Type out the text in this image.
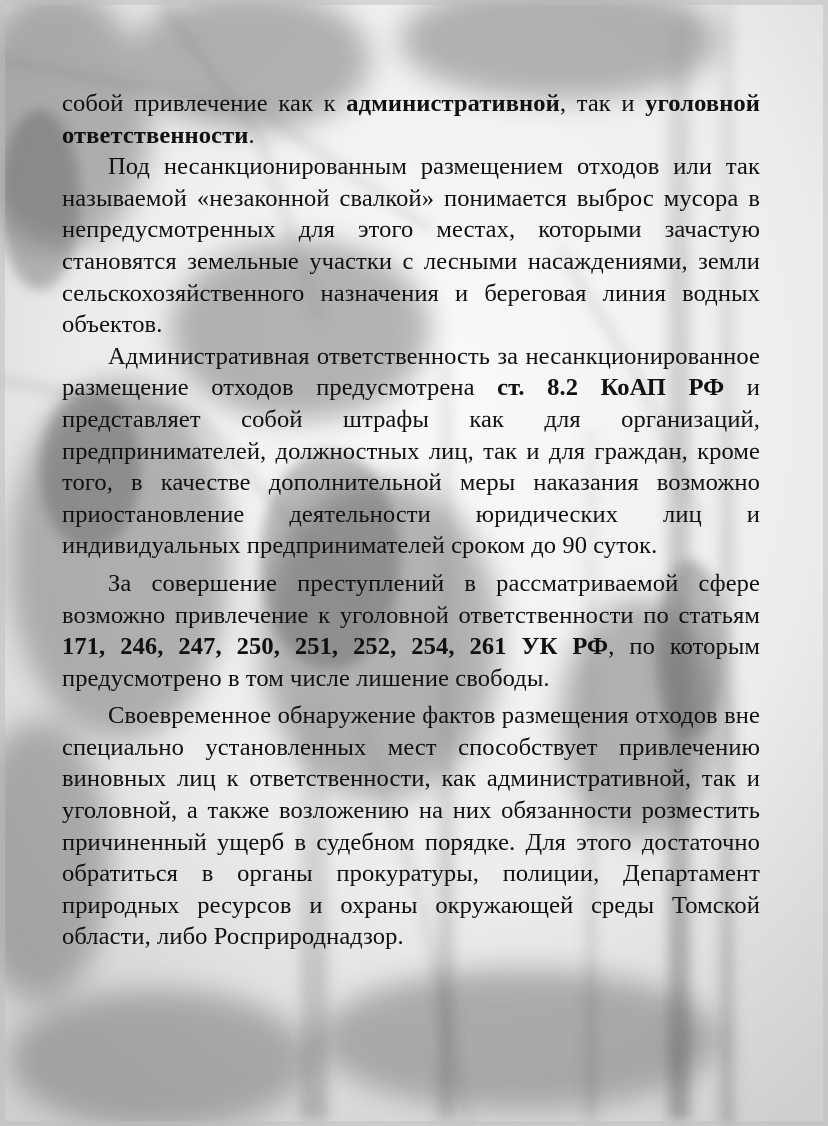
собой привлечение как к административной, так и уголовной ответственности.

Под несанкционированным размещением отходов или так называемой «незаконной свалкой» понимается выброс мусора в непредусмотренных для этого местах, которыми зачастую становятся земельные участки с лесными насаждениями, земли сельскохозяйственного назначения и береговая линия водных объектов.

Административная ответственность за несанкционированное размещение отходов предусмотрена ст. 8.2 КоАП РФ и представляет собой штрафы как для организаций, предпринимателей, должностных лиц, так и для граждан, кроме того, в качестве дополнительной меры наказания возможно приостановление деятельности юридических лиц и индивидуальных предпринимателей сроком до 90 суток.

За совершение преступлений в рассматриваемой сфере возможно привлечение к уголовной ответственности по статьям 171, 246, 247, 250, 251, 252, 254, 261 УК РФ, по которым предусмотрено в том числе лишение свободы.

Своевременное обнаружение фактов размещения отходов вне специально установленных мест способствует привлечению виновных лиц к ответственности, как административной, так и уголовной, а также возложению на них обязанности розместить причиненный ущерб в судебном порядке. Для этого достаточно обратиться в органы прокуратуры, полиции, Департамент природных ресурсов и охраны окружающей среды Томской области, либо Росприроднадзор.
